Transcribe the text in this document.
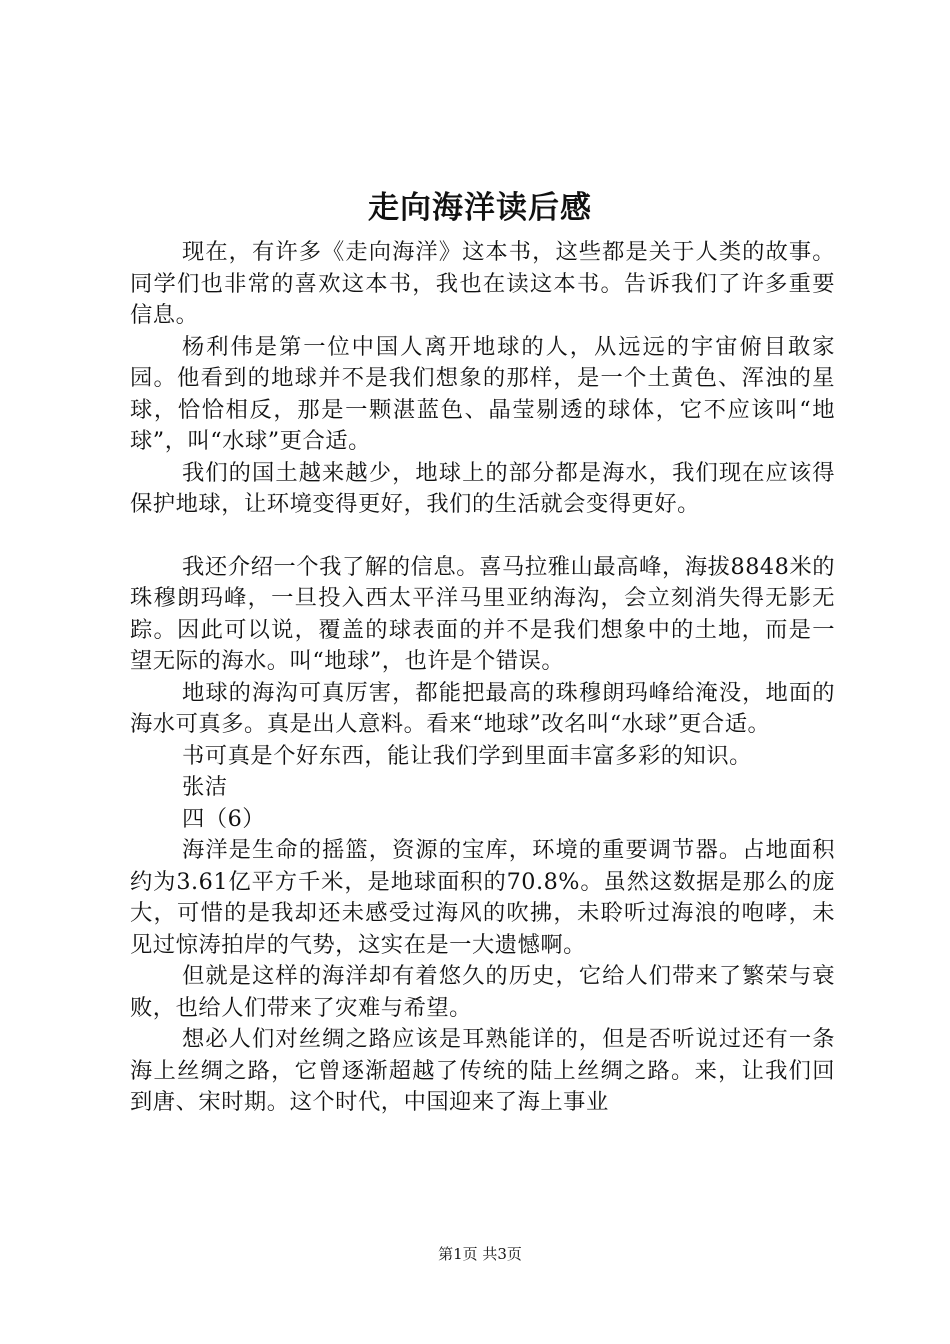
走向海洋读后感

现在，有许多《走向海洋》这本书，这些都是关于人类的故事。同学们也非常的喜欢这本书，我也在读这本书。告诉我们了许多重要信息。

杨利伟是第一位中国人离开地球的人，从远远的宇宙俯目敢家园。他看到的地球并不是我们想象的那样，是一个土黄色、浑浊的星球，恰恰相反，那是一颗湛蓝色、晶莹剔透的球体，它不应该叫“地球”，叫“水球”更合适。

我们的国土越来越少，地球上的部分都是海水，我们现在应该得保护地球，让环境变得更好，我们的生活就会变得更好。

我还介绍一个我了解的信息。喜马拉雅山最高峰，海拔8848米的珠穆朗玛峰，一旦投入西太平洋马里亚纳海沟，会立刻消失得无影无踪。因此可以说，覆盖的球表面的并不是我们想象中的土地，而是一望无际的海水。叫“地球”，也许是个错误。

地球的海沟可真厉害，都能把最高的珠穆朗玛峰给淹没，地面的海水可真多。真是出人意料。看来“地球”改名叫“水球”更合适。

书可真是个好东西，能让我们学到里面丰富多彩的知识。

张洁

四（6）

海洋是生命的摇篮，资源的宝库，环境的重要调节器。占地面积约为3.61亿平方千米，是地球面积的70.8%。虽然这数据是那么的庞大，可惜的是我却还未感受过海风的吹拂，未聆听过海浪的咆哮，未见过惊涛拍岸的气势，这实在是一大遗憾啊。

但就是这样的海洋却有着悠久的历史，它给人们带来了繁荣与衰败，也给人们带来了灾难与希望。

想必人们对丝绸之路应该是耳熟能详的，但是否听说过还有一条海上丝绸之路，它曾逐渐超越了传统的陆上丝绸之路。来，让我们回到唐、宋时期。这个时代，中国迎来了海上事业

第1页 共3页
